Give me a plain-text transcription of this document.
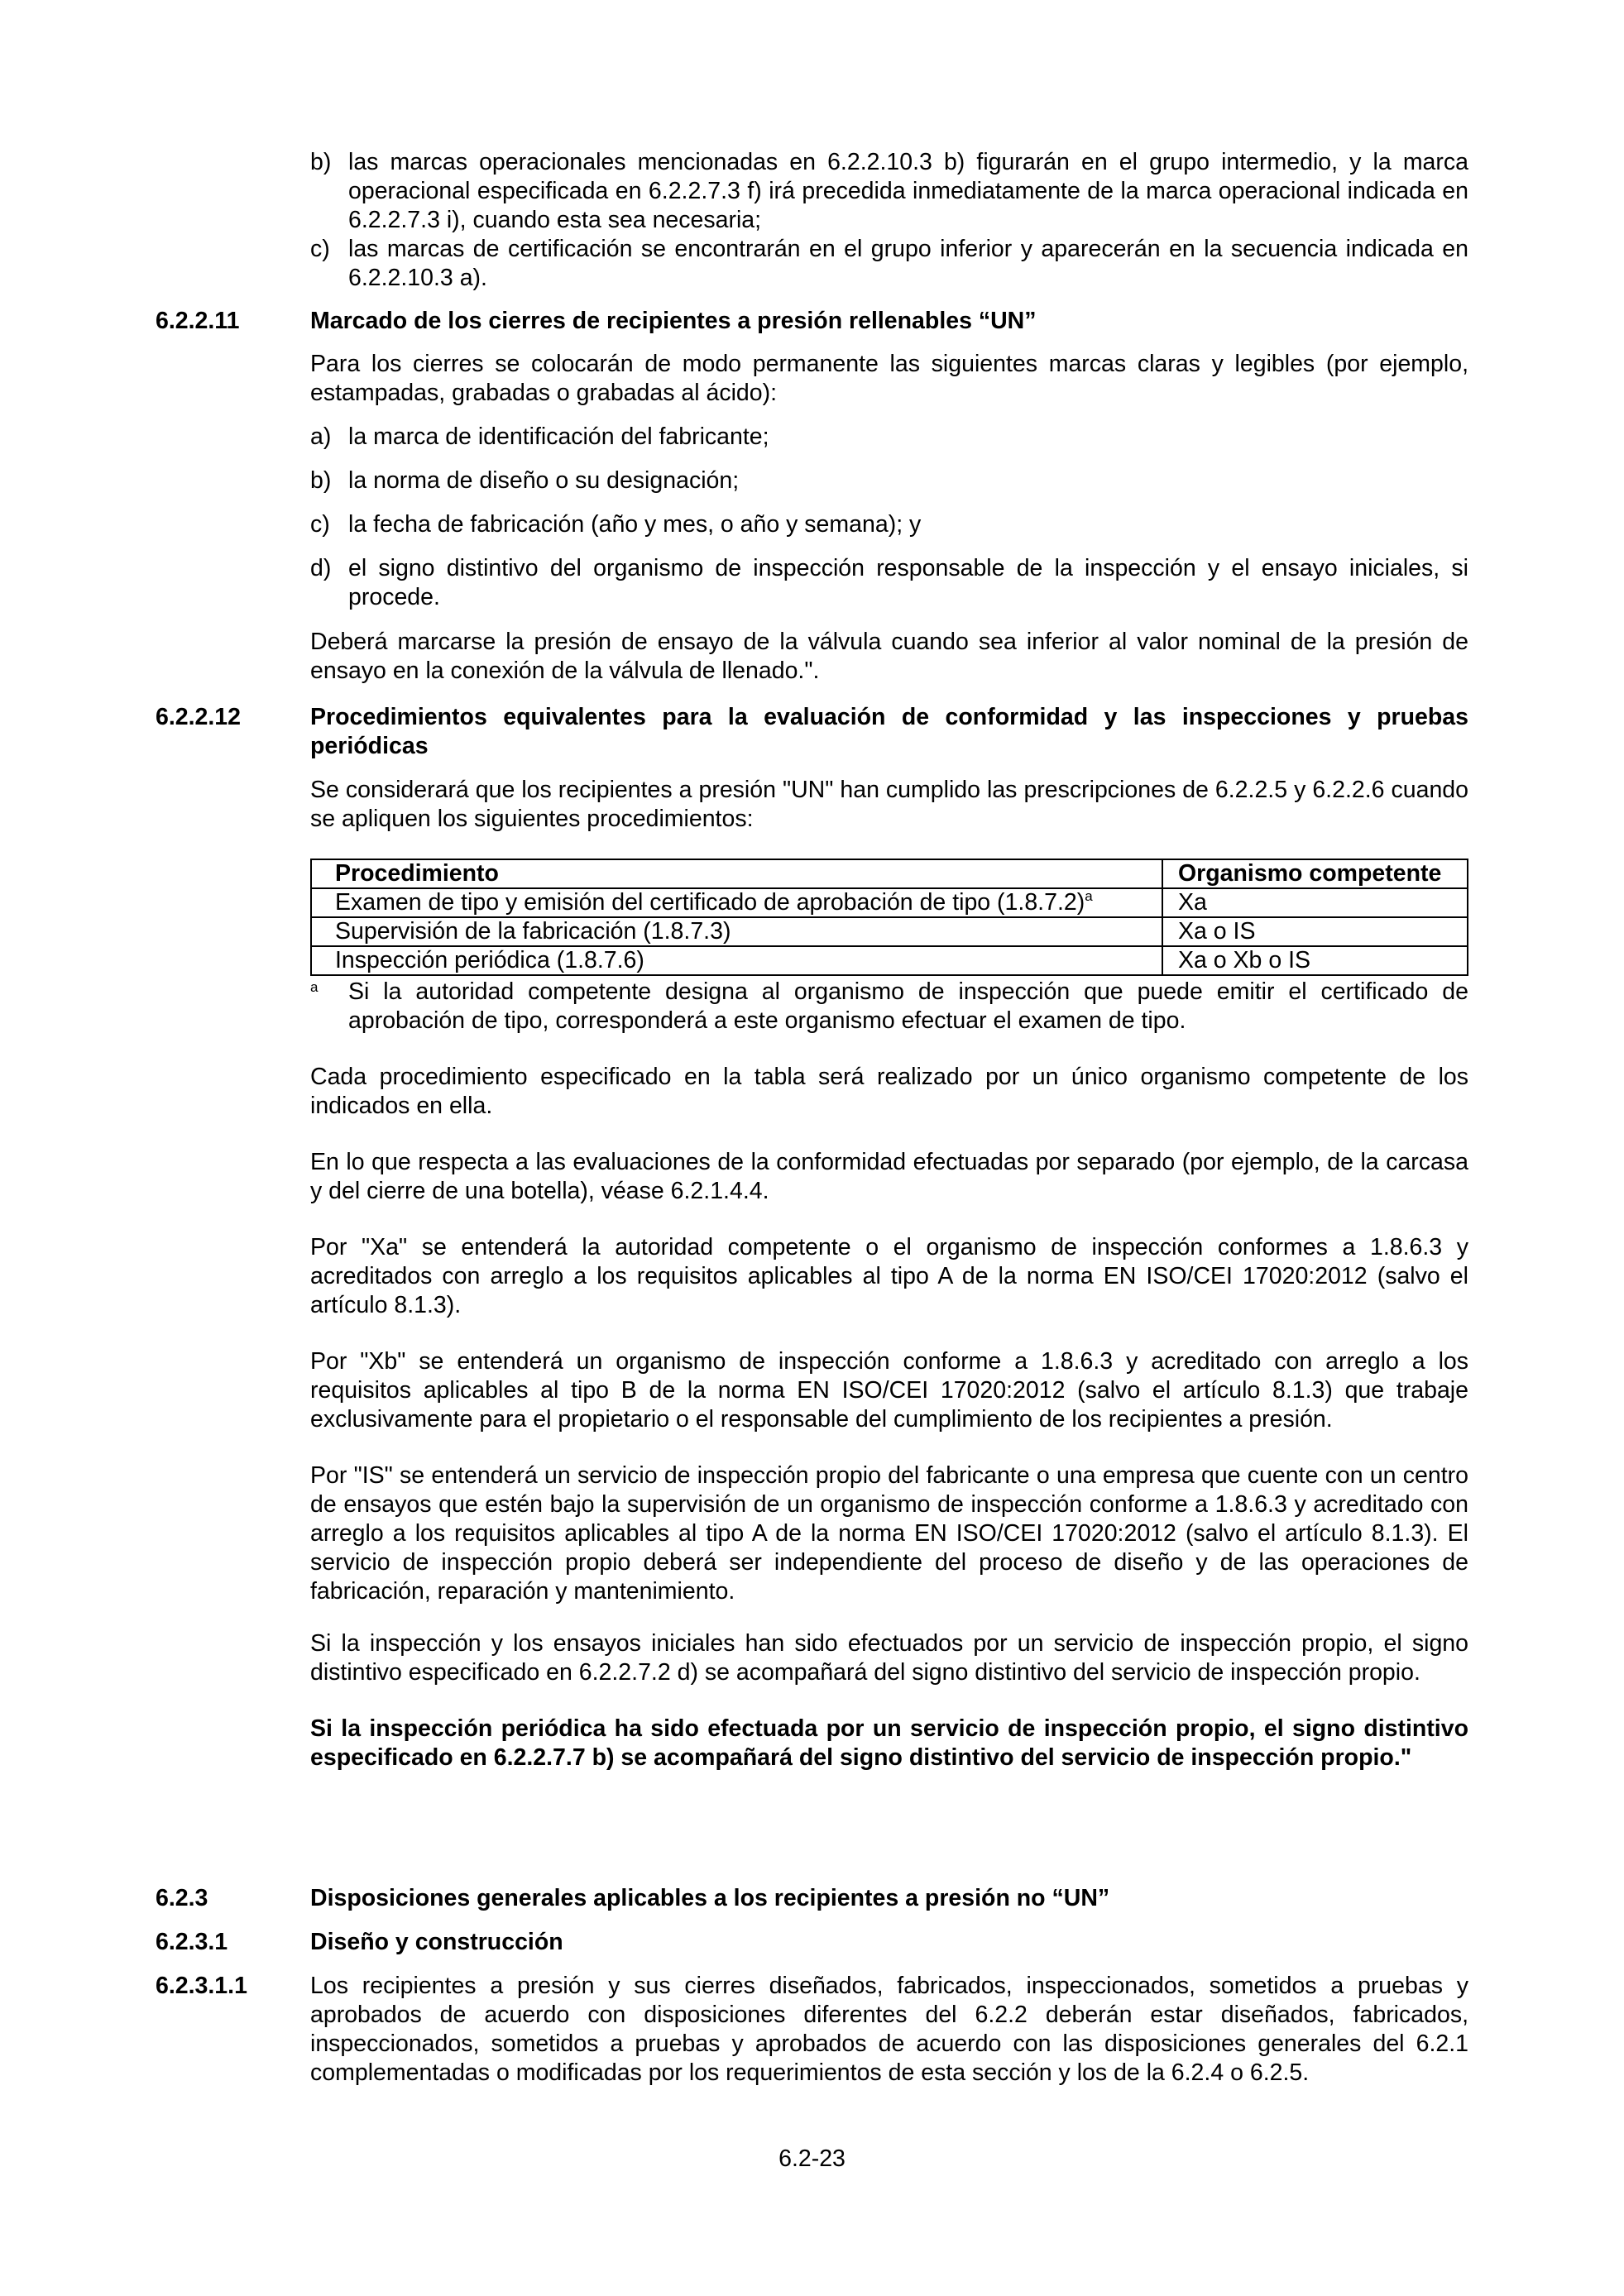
b) las marcas operacionales mencionadas en 6.2.2.10.3 b) figurarán en el grupo intermedio, y la marca operacional especificada en 6.2.2.7.3 f) irá precedida inmediatamente de la marca operacional indicada en 6.2.2.7.3 i), cuando esta sea necesaria;

c) las marcas de certificación se encontrarán en el grupo inferior y aparecerán en la secuencia indicada en 6.2.2.10.3 a).

6.2.2.11	Marcado de los cierres de recipientes a presión rellenables “UN”

Para los cierres se colocarán de modo permanente las siguientes marcas claras y legibles (por ejemplo, estampadas, grabadas o grabadas al ácido):

a) la marca de identificación del fabricante;

b) la norma de diseño o su designación;

c) la fecha de fabricación (año y mes, o año y semana); y

d) el signo distintivo del organismo de inspección responsable de la inspección y el ensayo iniciales, si procede.

Deberá marcarse la presión de ensayo de la válvula cuando sea inferior al valor nominal de la presión de ensayo en la conexión de la válvula de llenado.".

6.2.2.12	Procedimientos equivalentes para la evaluación de conformidad y las inspecciones y pruebas periódicas

Se considerará que los recipientes a presión "UN" han cumplido las prescripciones de 6.2.2.5 y 6.2.2.6 cuando se apliquen los siguientes procedimientos:

Procedimiento	Organismo competente
Examen de tipo y emisión del certificado de aprobación de tipo $(1.8.7.2)^a$	Xa
Supervisión de la fabricación (1.8.7.3)	Xa o IS
Inspección periódica (1.8.7.6)	Xa o Xb o IS
a	Si la autoridad competente designa al organismo de inspección que puede emitir el certificado de aprobación de tipo, corresponderá a este organismo efectuar el examen de tipo.

Cada procedimiento especificado en la tabla será realizado por un único organismo competente de los indicados en ella.

En lo que respecta a las evaluaciones de la conformidad efectuadas por separado (por ejemplo, de la carcasa y del cierre de una botella), véase 6.2.1.4.4.

Por "Xa" se entenderá la autoridad competente o el organismo de inspección conformes a 1.8.6.3 y acreditados con arreglo a los requisitos aplicables al tipo A de la norma EN ISO/CEI 17020:2012 (salvo el artículo 8.1.3).

Por "Xb" se entenderá un organismo de inspección conforme a 1.8.6.3 y acreditado con arreglo a los requisitos aplicables al tipo B de la norma EN ISO/CEI 17020:2012 (salvo el artículo 8.1.3) que trabaje exclusivamente para el propietario o el responsable del cumplimiento de los recipientes a presión.

Por "IS" se entenderá un servicio de inspección propio del fabricante o una empresa que cuente con un centro de ensayos que estén bajo la supervisión de un organismo de inspección conforme a 1.8.6.3 y acreditado con arreglo a los requisitos aplicables al tipo A de la norma EN ISO/CEI 17020:2012 (salvo el artículo 8.1.3). El servicio de inspección propio deberá ser independiente del proceso de diseño y de las operaciones de fabricación, reparación y mantenimiento.

Si la inspección y los ensayos iniciales han sido efectuados por un servicio de inspección propio, el signo distintivo especificado en 6.2.2.7.2 d) se acompañará del signo distintivo del servicio de inspección propio.

Si la inspección periódica ha sido efectuada por un servicio de inspección propio, el signo distintivo especificado en 6.2.2.7.7 b) se acompañará del signo distintivo del servicio de inspección propio."

6.2.3	Disposiciones generales aplicables a los recipientes a presión no “UN”
6.2.3.1	Diseño y construcción
6.2.3.1.1	Los recipientes a presión y sus cierres diseñados, fabricados, inspeccionados, sometidos a pruebas y aprobados de acuerdo con disposiciones diferentes del 6.2.2 deberán estar diseñados, fabricados, inspeccionados, sometidos a pruebas y aprobados de acuerdo con las disposiciones generales del 6.2.1 complementadas o modificadas por los requerimientos de esta sección y los de la 6.2.4 o 6.2.5.

6.2-23
